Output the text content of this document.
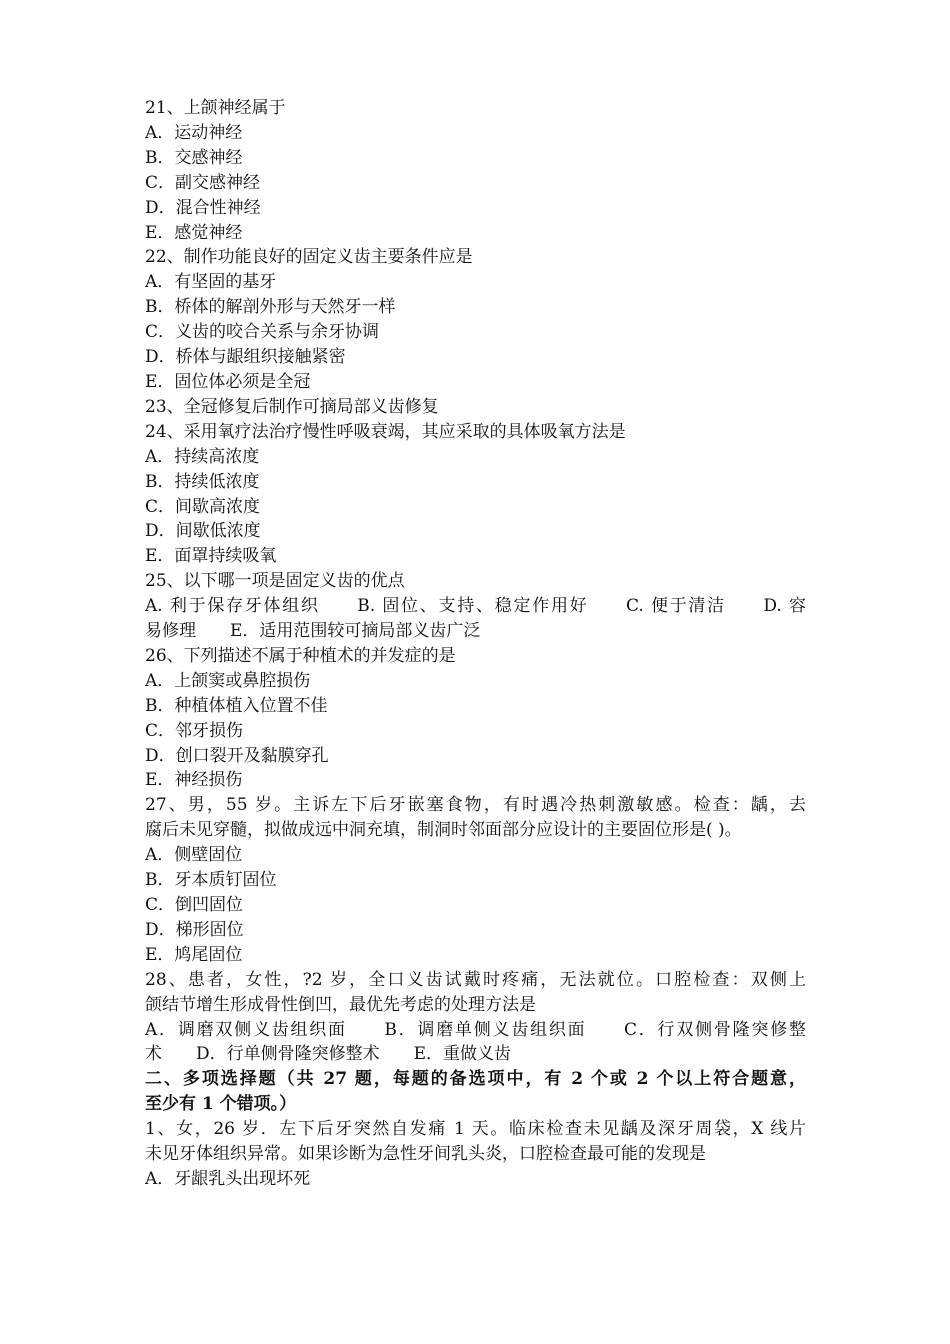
21、上颌神经属于
A．运动神经
B．交感神经
C．副交感神经
D．混合性神经
E．感觉神经
22、制作功能良好的固定义齿主要条件应是
A．有坚固的基牙
B．桥体的解剖外形与天然牙一样
C．义齿的咬合关系与余牙协调
D．桥体与龈组织接触紧密
E．固位体必须是全冠
23、全冠修复后制作可摘局部义齿修复
24、采用氧疗法治疗慢性呼吸衰竭，其应采取的具体吸氧方法是
A．持续高浓度
B．持续低浓度
C．间歇高浓度
D．间歇低浓度
E．面罩持续吸氧
25、以下哪一项是固定义齿的优点
A. 利于保存牙体组织　　B. 固位、支持、稳定作用好　　C. 便于清洁　　D. 容
易修理　　E．适用范围较可摘局部义齿广泛
26、下列描述不属于种植术的并发症的是
A．上颌窦或鼻腔损伤
B．种植体植入位置不佳
C．邻牙损伤
D．创口裂开及黏膜穿孔
E．神经损伤
27、男，55 岁。主诉左下后牙嵌塞食物，有时遇冷热刺激敏感。检查：龋，去
腐后未见穿髓，拟做成远中洞充填，制洞时邻面部分应设计的主要固位形是( )。
A．侧壁固位
B．牙本质钉固位
C．倒凹固位
D．梯形固位
E．鸠尾固位
28、患者，女性，?2 岁，全口义齿试戴时疼痛，无法就位。口腔检查：双侧上
颌结节增生形成骨性倒凹，最优先考虑的处理方法是
A．调磨双侧义齿组织面　　B．调磨单侧义齿组织面　　C．行双侧骨隆突修整
术　　D．行单侧骨隆突修整术　　E．重做义齿
二、多项选择题（共 27 题，每题的备选项中，有 2 个或 2 个以上符合题意，
至少有 1 个错项。）
1、女，26 岁．左下后牙突然自发痛 1 天。临床检查未见龋及深牙周袋，X 线片
未见牙体组织异常。如果诊断为急性牙间乳头炎，口腔检查最可能的发现是
A．牙龈乳头出现坏死
